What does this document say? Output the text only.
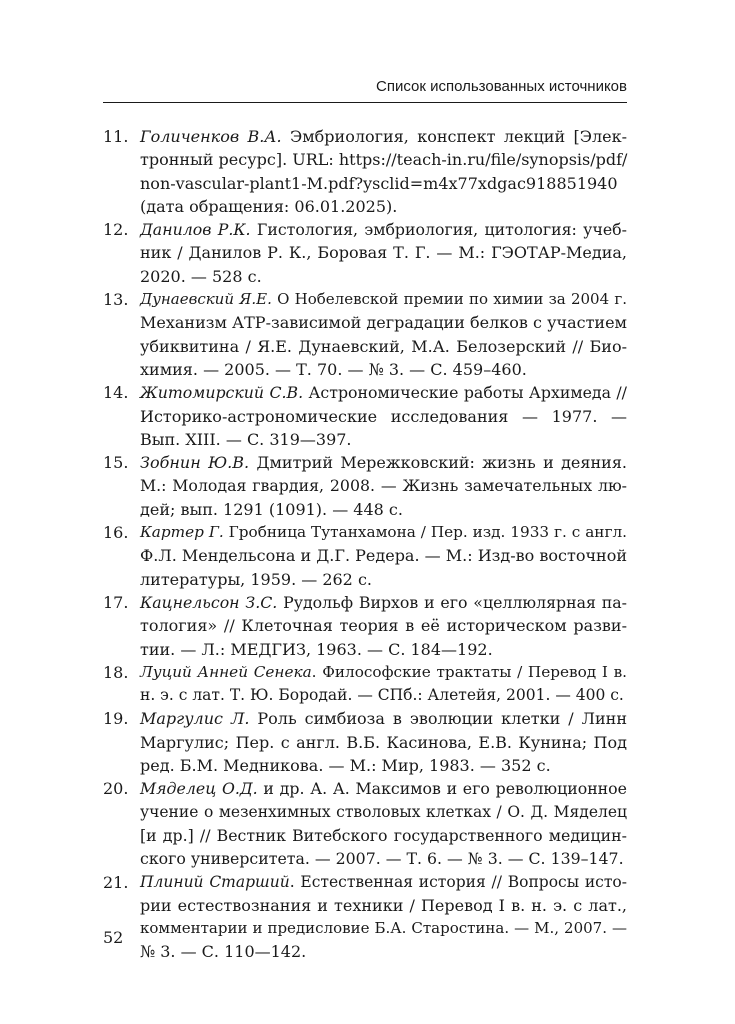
Список использованных источников
11. Голиченков В.А. Эмбриология, конспект лекций [Элек-
тронный ресурс]. URL: https://teach-in.ru/file/synopsis/pdf/
non-vascular-plant1-M.pdf?ysclid=m4x77xdgac918851940
(дата обращения: 06.01.2025).
12. Данилов Р.К. Гистология, эмбриология, цитология: учеб-
ник / Данилов Р. К., Боровая Т. Г. — М.: ГЭОТАР-Медиа,
2020. — 528 с.
13. Дунаевский Я.Е. О Нобелевской премии по химии за 2004 г.
Механизм АТР-зависимой деградации белков с участием
убиквитина / Я.Е. Дунаевский, М.А. Белозерский // Био-
химия. — 2005. — Т. 70. — № 3. — С. 459–460.
14. Житомирский С.В. Астрономические работы Архимеда //
Историко-астрономические исследования — 1977. —
Вып. XIII. — С. 319—397.
15. Зобнин Ю.В. Дмитрий Мережковский: жизнь и деяния.
М.: Молодая гвардия, 2008. — Жизнь замечательных лю-
дей; вып. 1291 (1091). — 448 с.
16. Картер Г. Гробница Тутанхамона / Пер. изд. 1933 г. с англ.
Ф.Л. Мендельсона и Д.Г. Редера. — М.: Изд-во восточной
литературы, 1959. — 262 с.
17. Кацнельсон З.С. Рудольф Вирхов и его «целлюлярная па-
тология» // Клеточная теория в её историческом разви-
тии. — Л.: МЕДГИЗ, 1963. — С. 184—192.
18. Луций Анней Сенека. Философские трактаты / Перевод I в.
н. э. с лат. Т. Ю. Бородай. — СПб.: Алетейя, 2001. — 400 с.
19. Маргулис Л. Роль симбиоза в эволюции клетки / Линн
Маргулис; Пер. с англ. В.Б. Касинова, Е.В. Кунина; Под
ред. Б.М. Медникова. — М.: Мир, 1983. — 352 с.
20. Мяделец О.Д. и др. А. А. Максимов и его революционное
учение о мезенхимных стволовых клетках / О. Д. Мяделец
[и др.] // Вестник Витебского государственного медицин-
ского университета. — 2007. — Т. 6. — № 3. — С. 139–147.
21. Плиний Старший. Естественная история // Вопросы исто-
рии естествознания и техники / Перевод I в. н. э. с лат.,
комментарии и предисловие Б.А. Старостина. — М., 2007. —
№ 3. — С. 110—142.
52
